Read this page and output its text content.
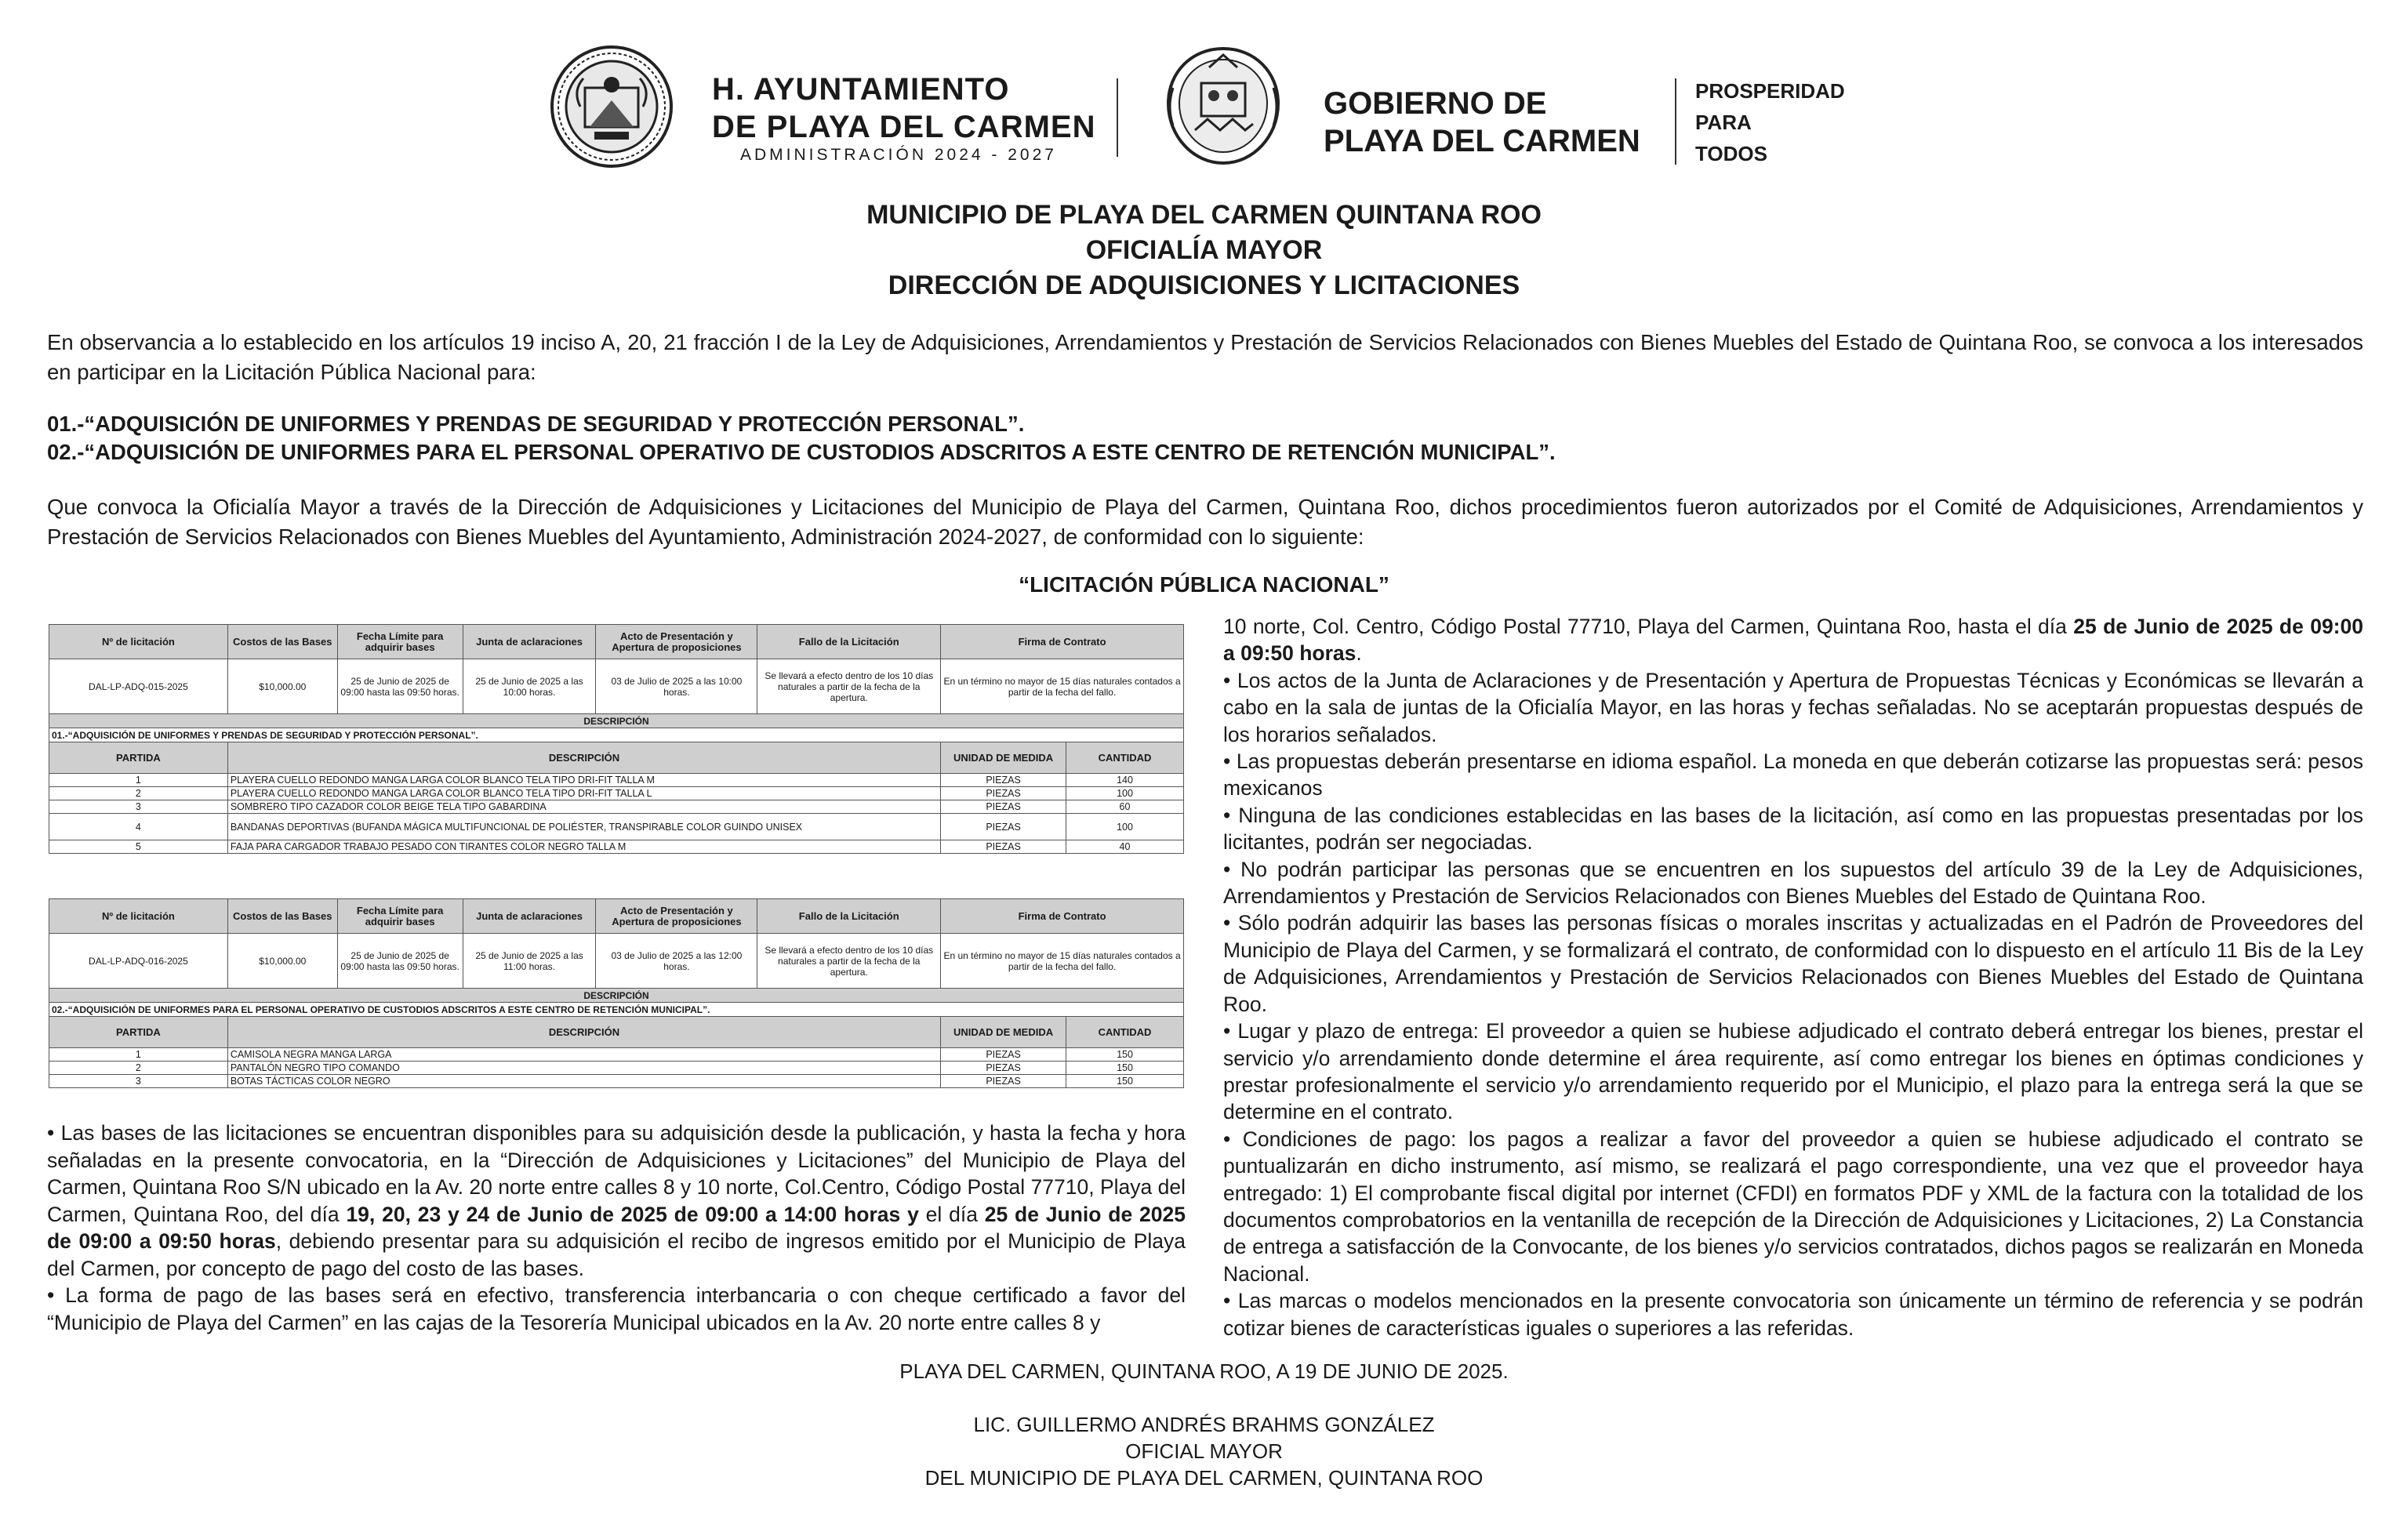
H. AYUNTAMIENTO
DE PLAYA DEL CARMEN
ADMINISTRACIÓN 2024 - 2027
GOBIERNO DE
PLAYA DEL CARMEN
PROSPERIDAD
PARA
TODOS
MUNICIPIO DE PLAYA DEL CARMEN QUINTANA ROO
OFICIALÍA MAYOR
DIRECCIÓN DE ADQUISICIONES Y LICITACIONES

En observancia a lo establecido en los artículos 19 inciso A, 20, 21 fracción I de la Ley de Adquisiciones, Arrendamientos y Prestación de Servicios Relacionados con Bienes Muebles del Estado de Quintana Roo, se convoca a los interesados en participar en la Licitación Pública Nacional para:

01.-“ADQUISICIÓN DE UNIFORMES Y PRENDAS DE SEGURIDAD Y PROTECCIÓN PERSONAL”.
02.-“ADQUISICIÓN DE UNIFORMES PARA EL PERSONAL OPERATIVO DE CUSTODIOS ADSCRITOS A ESTE CENTRO DE RETENCIÓN MUNICIPAL”.

Que convoca la Oficialía Mayor a través de la Dirección de Adquisiciones y Licitaciones del Municipio de Playa del Carmen, Quintana Roo, dichos procedimientos fueron autorizados por el Comité de Adquisiciones, Arrendamientos y Prestación de Servicios Relacionados con Bienes Muebles del Ayuntamiento, Administración 2024-2027, de conformidad con lo siguiente:

“LICITACIÓN PÚBLICA NACIONAL”
Nº de licitación	Costos de las Bases	Fecha Límite para adquirir bases	Junta de aclaraciones	Acto de Presentación y Apertura de proposiciones	Fallo de la Licitación	Firma de Contrato	
DAL-LP-ADQ-015-2025	$10,000.00	25 de Junio de 2025 de 09:00 hasta las 09:50 horas.	25 de Junio de 2025 a las 10:00 horas.	03 de Julio de 2025 a las 10:00 horas.	Se llevará a efecto dentro de los 10 días naturales a partir de la fecha de la apertura.	En un término no mayor de 15 días naturales contados a partir de la fecha del fallo.	
DESCRIPCIÓN							
01.-“ADQUISICIÓN DE UNIFORMES Y PRENDAS DE SEGURIDAD Y PROTECCIÓN PERSONAL”.							
PARTIDA	DESCRIPCIÓN					UNIDAD DE MEDIDA	CANTIDAD
1	PLAYERA CUELLO REDONDO MANGA LARGA COLOR BLANCO TELA TIPO DRI-FIT TALLA M					PIEZAS	140
2	PLAYERA CUELLO REDONDO MANGA LARGA COLOR BLANCO TELA TIPO DRI-FIT TALLA L					PIEZAS	100
3	SOMBRERO TIPO CAZADOR COLOR BEIGE TELA TIPO GABARDINA					PIEZAS	60
4	BANDANAS DEPORTIVAS (BUFANDA MÁGICA MULTIFUNCIONAL DE POLIÉSTER, TRANSPIRABLE COLOR GUINDO UNISEX					PIEZAS	100
5	FAJA PARA CARGADOR TRABAJO PESADO CON TIRANTES COLOR NEGRO TALLA M					PIEZAS	40
Nº de licitación	Costos de las Bases	Fecha Límite para adquirir bases	Junta de aclaraciones	Acto de Presentación y Apertura de proposiciones	Fallo de la Licitación	Firma de Contrato	
DAL-LP-ADQ-016-2025	$10,000.00	25 de Junio de 2025 de 09:00 hasta las 09:50 horas.	25 de Junio de 2025 a las 11:00 horas.	03 de Julio de 2025 a las 12:00 horas.	Se llevará a efecto dentro de los 10 días naturales a partir de la fecha de la apertura.	En un término no mayor de 15 días naturales contados a partir de la fecha del fallo.	
DESCRIPCIÓN							
02.-“ADQUISICIÓN DE UNIFORMES PARA EL PERSONAL OPERATIVO DE CUSTODIOS ADSCRITOS A ESTE CENTRO DE RETENCIÓN MUNICIPAL”.							
PARTIDA	DESCRIPCIÓN					UNIDAD DE MEDIDA	CANTIDAD
1	CAMISOLA NEGRA MANGA LARGA					PIEZAS	150
2	PANTALÓN NEGRO TIPO COMANDO					PIEZAS	150
3	BOTAS TÁCTICAS COLOR NEGRO					PIEZAS	150

• Las bases de las licitaciones se encuentran disponibles para su adquisición desde la publicación, y hasta la fecha y hora señaladas en la presente convocatoria, en la “Dirección de Adquisiciones y Licitaciones” del Municipio de Playa del Carmen, Quintana Roo S/N ubicado en la Av. 20 norte entre calles 8 y 10 norte, Col.Centro, Código Postal 77710, Playa del Carmen, Quintana Roo, del día 19, 20, 23 y 24 de Junio de 2025 de 09:00 a 14:00 horas y el día 25 de Junio de 2025 de 09:00 a 09:50 horas, debiendo presentar para su adquisición el recibo de ingresos emitido por el Municipio de Playa del Carmen, por concepto de pago del costo de las bases.

• La forma de pago de las bases será en efectivo, transferencia interbancaria o con cheque certificado a favor del “Municipio de Playa del Carmen” en las cajas de la Tesorería Municipal ubicados en la Av. 20 norte entre calles 8 y

10 norte, Col. Centro, Código Postal 77710, Playa del Carmen, Quintana Roo, hasta el día 25 de Junio de 2025 de 09:00 a 09:50 horas.

• Los actos de la Junta de Aclaraciones y de Presentación y Apertura de Propuestas Técnicas y Económicas se llevarán a cabo en la sala de juntas de la Oficialía Mayor, en las horas y fechas señaladas. No se aceptarán propuestas después de los horarios señalados.

• Las propuestas deberán presentarse en idioma español. La moneda en que deberán cotizarse las propuestas será: pesos mexicanos

• Ninguna de las condiciones establecidas en las bases de la licitación, así como en las propuestas presentadas por los licitantes, podrán ser negociadas.

• No podrán participar las personas que se encuentren en los supuestos del artículo 39 de la Ley de Adquisiciones, Arrendamientos y Prestación de Servicios Relacionados con Bienes Muebles del Estado de Quintana Roo.

• Sólo podrán adquirir las bases las personas físicas o morales inscritas y actualizadas en el Padrón de Proveedores del Municipio de Playa del Carmen, y se formalizará el contrato, de conformidad con lo dispuesto en el artículo 11 Bis de la Ley de Adquisiciones, Arrendamientos y Prestación de Servicios Relacionados con Bienes Muebles del Estado de Quintana Roo.

• Lugar y plazo de entrega: El proveedor a quien se hubiese adjudicado el contrato deberá entregar los bienes, prestar el servicio y/o arrendamiento donde determine el área requirente, así como entregar los bienes en óptimas condiciones y prestar profesionalmente el servicio y/o arrendamiento requerido por el Municipio, el plazo para la entrega será la que se determine en el contrato.

• Condiciones de pago: los pagos a realizar a favor del proveedor a quien se hubiese adjudicado el contrato se puntualizarán en dicho instrumento, así mismo, se realizará el pago correspondiente, una vez que el proveedor haya entregado: 1) El comprobante fiscal digital por internet (CFDI) en formatos PDF y XML de la factura con la totalidad de los documentos comprobatorios en la ventanilla de recepción de la Dirección de Adquisiciones y Licitaciones, 2) La Constancia de entrega a satisfacción de la Convocante, de los bienes y/o servicios contratados, dichos pagos se realizarán en Moneda Nacional.

• Las marcas o modelos mencionados en la presente convocatoria son únicamente un término de referencia y se podrán cotizar bienes de características iguales o superiores a las referidas.

PLAYA DEL CARMEN, QUINTANA ROO, A 19 DE JUNIO DE 2025.
LIC. GUILLERMO ANDRÉS BRAHMS GONZÁLEZ
OFICIAL MAYOR
DEL MUNICIPIO DE PLAYA DEL CARMEN, QUINTANA ROO
